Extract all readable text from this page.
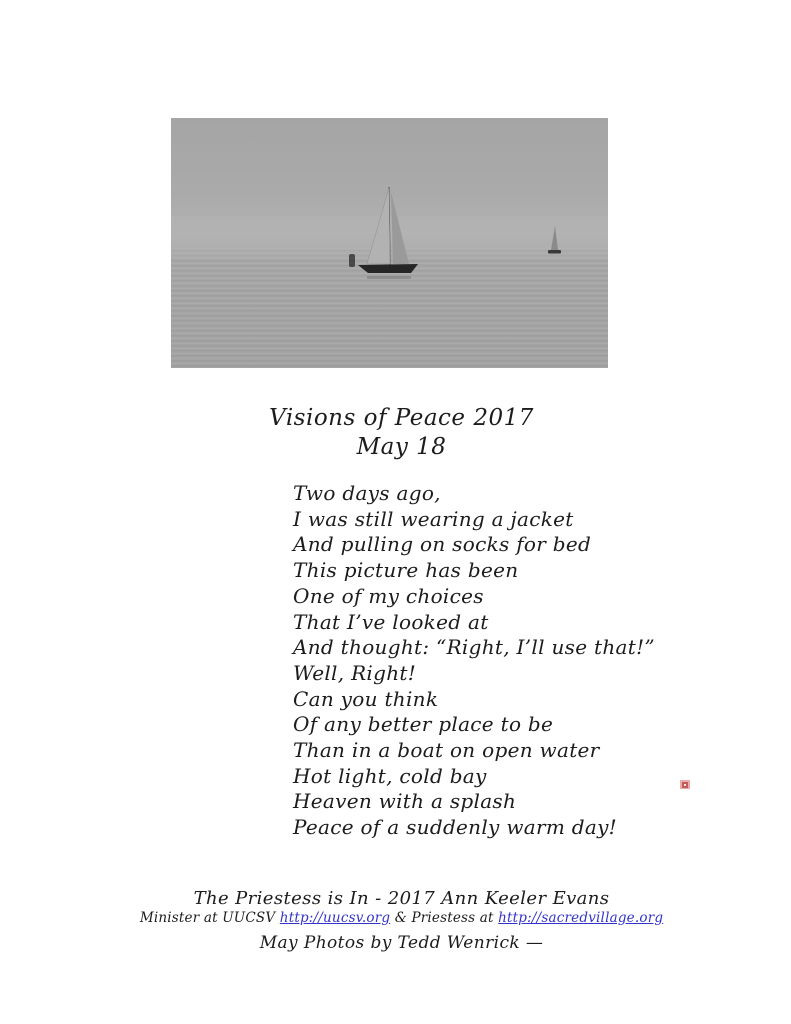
Visions of Peace 2017
May 18
Two days ago,
I was still wearing a jacket
And pulling on socks for bed
This picture has been
One of my choices
That I’ve looked at
And thought: “Right, I’ll use that!”
Well, Right!
Can you think
Of any better place to be
Than in a boat on open water
Hot light, cold bay
Heaven with a splash
Peace of a suddenly warm day!
The Priestess is In - 2017 Ann Keeler Evans
Minister at UUCSV http://uucsv.org & Priestess at http://sacredvillage.org
May Photos by Tedd Wenrick —
